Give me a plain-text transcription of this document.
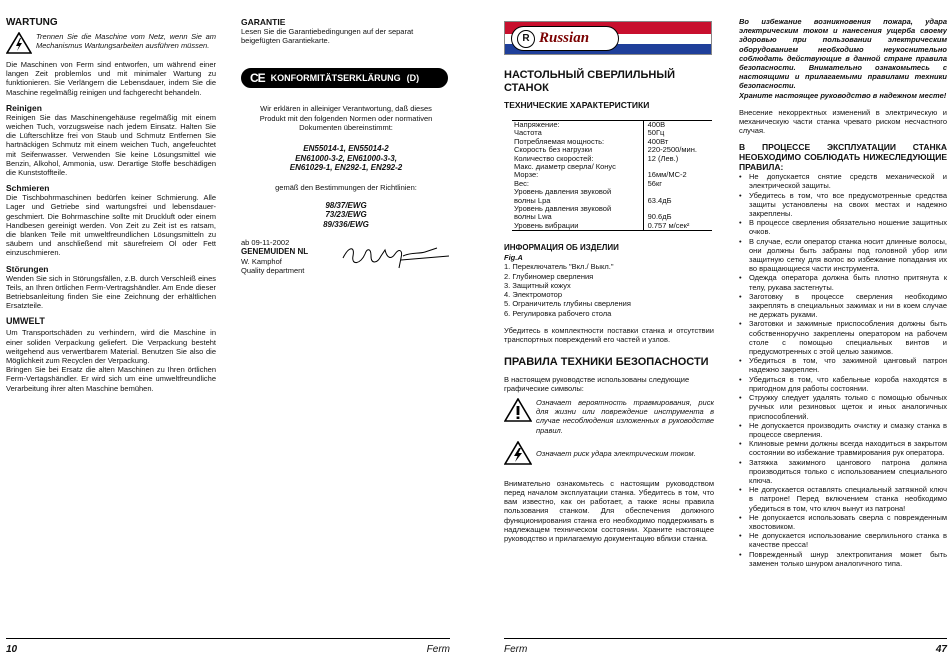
WARTUNG

Trennen Sie die Maschine vom Netz, wenn Sie am Mechanismus Wartungsarbeiten ausführen müssen.

Die Maschinen von Ferm sind entworfen, um während einer langen Zeit problemlos und mit minimaler Wartung zu funktionieren. Sie Verlängern die Lebensdauer, indem Sie die Maschine regelmäßig reinigen und fachgerecht behandeln.

Reinigen

Reinigen Sie das Maschinengehäuse regelmäßig mit einem weichen Tuch, vorzugsweise nach jedem Einsatz. Halten Sie die Lüfterschlitze frei von Staub und Schmutz Entfernen Sie hartnäckigen Schmutz mit einem weichen Tuch, angefeuchtet mit Seifenwasser. Verwenden Sie keine Lösungsmittel wie Benzin, Alkohol, Ammonia, usw. Derartige Stoffe beschädigen die Kunststoffteile.

Schmieren

Die Tischbohrmaschinen bedürfen keiner Schmierung. Alle Lager und Getriebe sind wartungsfrei und lebensdauer-geschmiert. Die Bohrmaschine sollte mit Druckluft oder einem Handbesen gereinigt werden. Von Zeit zu Zeit ist es ratsam, die blanken Teile mit umweltfreundlichen Lösungsmitteln zu säubern und anschließend mit säurefreiem Ol oder Fett einzuschmieren.

Störungen

Wenden Sie sich in Störungsfällen, z.B. durch Verschleiß eines Teils, an Ihren örtlichen Ferm-Vertragshändler. Am Ende dieser Betriebsanleitung finden Sie eine Zeichnung der erhältlichen Ersatzteile.

UMWELT

Um Transportschäden zu verhindern, wird die Maschine in einer soliden Verpackung geliefert. Die Verpackung besteht weitgehend aus verwertbarem Material. Benutzen Sie also die Möglichkeit zum Recyclen der Verpackung.

Bringen Sie bei Ersatz die alten Maschinen zu Ihren örtlichen Ferm-Vertagshändler. Er wird sich um eine umweltfreundliche Verarbeitung ihrer alten Maschine bemühen.

GARANTIE

Lesen Sie die Garantiebedingungen auf der separat beigefügten Garantiekarte.

CE KONFORMITÄTSERKLÄRUNG (D)

Wir erklären in alleiniger Verantwortung, daß dieses Produkt mit den folgenden Normen oder normativen Dokumenten übereinstimmt:

EN55014-1, EN55014-2
EN61000-3-2, EN61000-3-3,
EN61029-1, EN292-1, EN292-2

gemäß den Bestimmungen der Richtlinien:

98/37/EWG
73/23/EWG
89/336/EWG
ab 09-11-2002
GENEMUIDEN NL
W. Kamphof
Quality department
10	Ferm
R Russian
НАСТОЛЬНЫЙ СВЕРЛИЛЬНЫЙ СТАНОК
ТЕХНИЧЕСКИЕ ХАРАКТЕРИСТИКИ
Напряжение:	400В
Частота	50Гц
Потребляемая мощность:	400Вт
Скорость без нагрузки	220-2500/мин.
Количество скоростей:	12 (Лев.)
Макс. диаметр сверла/ Конус	
Морзе:	16мм/МС-2
Вес:	56кг
Уровень давления звуковой	
волны Lpa	63.4дБ
Уровень давления звуковой	
волны Lwa	90.6дБ
Уровень вибрации	0.757 м/сек²
ИНФОРМАЦИЯ ОБ ИЗДЕЛИИ

Fig.A

1. Переключатель "Вкл./ Выкл."
2. Глубиномер сверления
3. Защитный кожух
4. Электромотор
5. Ограничитель глубины сверления
6. Регулировка рабочего стола

Убедитесь в комплектности поставки станка и отсутствии транспортных повреждений его частей и узлов.

ПРАВИЛА ТЕХНИКИ БЕЗОПАСНОСТИ

В настоящем руководстве использованы следующие графические символы:

Означает вероятность травмирования, риск для жизни или повреждение инструмента в случае несоблюдения изложенных в руководстве правил.

Означает риск удара электрическим током.

Внимательно ознакомьтесь с настоящим руководством перед началом эксплуатации станка. Убедитесь в том, что вам известно, как он работает, а также ясны правила пользования станком. Для обеспечения должного функционирования станка его необходимо поддерживать в надлежащем техническом состоянии. Храните настоящее руководство и прилагаемую документацию вблизи станка.

Во избежание возникновения пожара, удара электрическим током и нанесения ущерба своему здоровью при пользовании электрическим оборудованием необходимо неукоснительно соблюдать действующие в данной стране правила безопасности. Внимательно ознакомьтесь с настоящими и прилагаемыми правилами техники безопасности.

Храните настоящее руководство в надежном месте!

Внесение некорректных изменений в электрическую и механическую части станка чревато риском несчастного случая.

В ПРОЦЕССЕ ЭКСПЛУАТАЦИИ СТАНКА НЕОБХОДИМО СОБЛЮДАТЬ НИЖЕСЛЕДУЮЩИЕ ПРАВИЛА:
• Не допускается снятие средств механической и электрической защиты.
• Убедитесь в том, что все предусмотренные средства защиты установлены на своих местах и надежно закреплены.
• В процессе сверления обязательно ношение защитных очков.
• В случае, если оператор станка носит длинные волосы, они должны быть забраны под головной убор или защитную сетку для волос во избежание попадания их во вращающиеся части инструмента.
• Одежда оператора должна быть плотно притянута к телу, рукава застегнуты.
• Заготовку в процессе сверления необходимо закреплять в специальных зажимах и ни в коем случае не держать руками.
• Заготовки и зажимные приспособления должны быть собственноручно закреплены оператором на рабочем столе с помощью специальных винтов и предусмотренных с этой целью зажимов.
• Убедиться в том, что зажимной цанговый патрон надежно закреплен.
• Убедиться в том, что кабельные короба находятся в пригодном для работы состоянии.
• Стружку следует удалять только с помощью обычных ручных или резиновых щеток и иных аналогичных приспособлений.
• Не допускается производить очистку и смазку станка в процессе сверления.
• Клиновые ремни должны всегда находиться в закрытом состоянии во избежание травмирования рук оператора.
• Затяжка зажимного цангового патрона должна производиться только с использованием специального ключа.
• Не допускается оставлять специальный затяжной ключ в патроне! Перед включением станка необходимо убедиться в том, что ключ вынут из патрона!
• Не допускается использовать сверла с поврежденным хвостовиком.
• Не допускается использование сверлильного станка в качестве пресса!
• Поврежденный шнур электропитания может быть заменен только шнуром аналогичного типа.
Ferm	47
